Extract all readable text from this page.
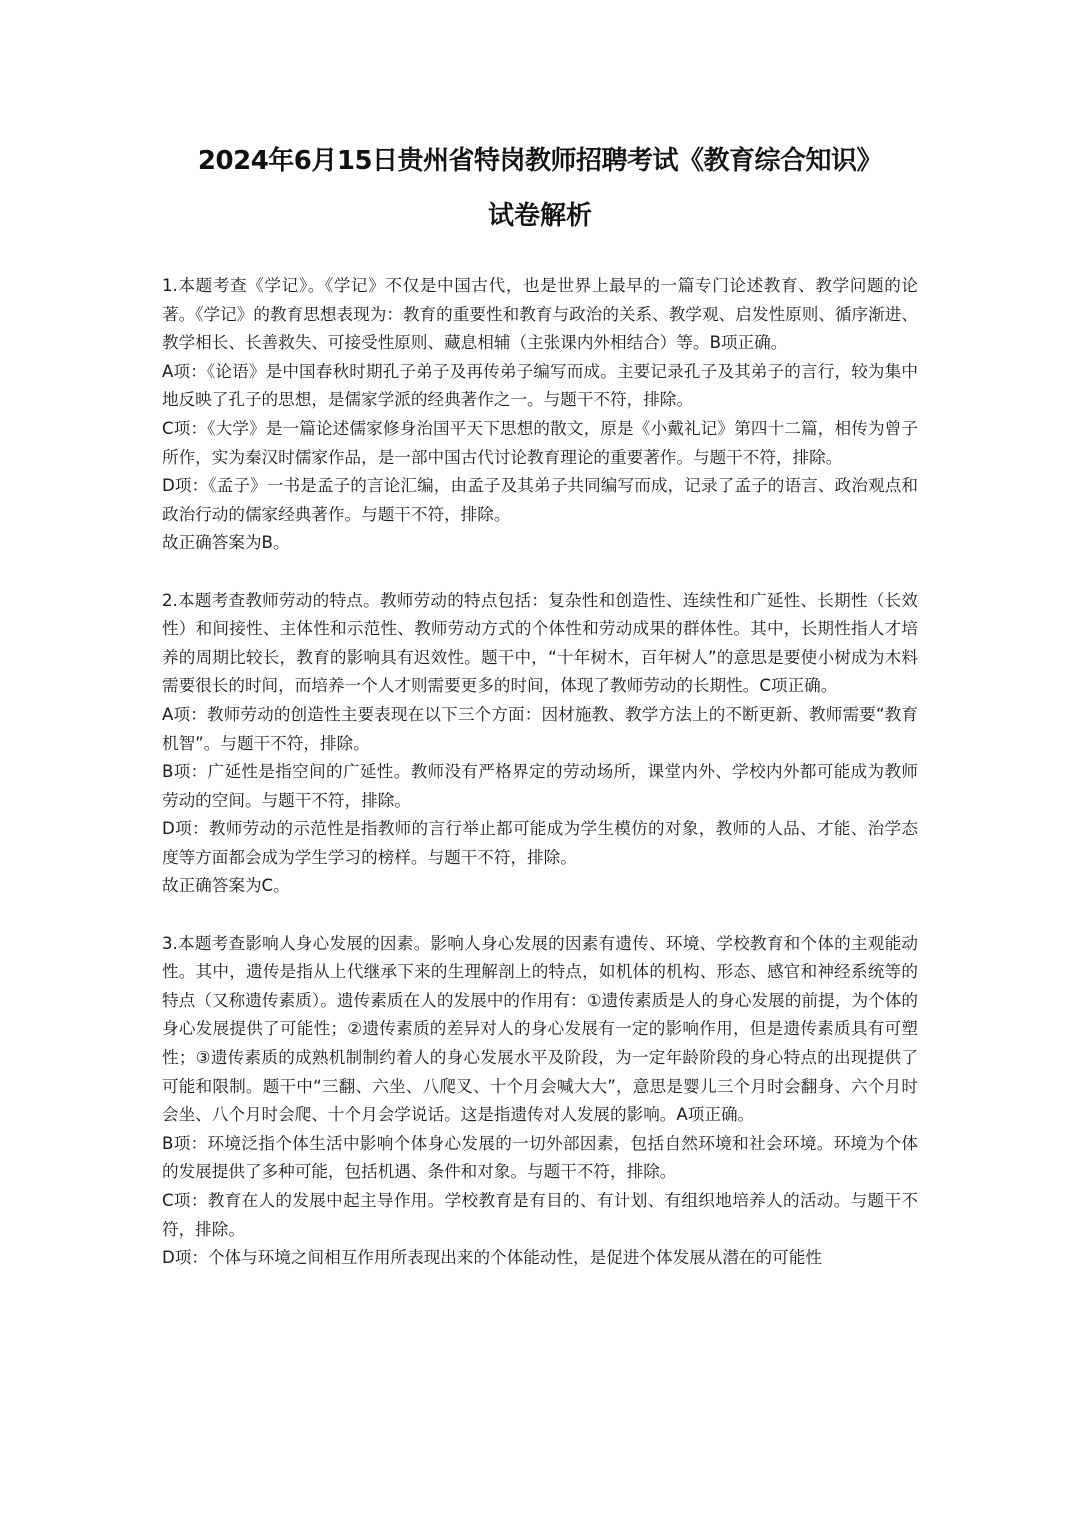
2024年6月15日贵州省特岗教师招聘考试《教育综合知识》
试卷解析

1.本题考查《学记》。《学记》不仅是中国古代，也是世界上最早的一篇专门论述教育、教学问题的论著。《学记》的教育思想表现为：教育的重要性和教育与政治的关系、教学观、启发性原则、循序渐进、教学相长、长善救失、可接受性原则、藏息相辅（主张课内外相结合）等。B项正确。

A项：《论语》是中国春秋时期孔子弟子及再传弟子编写而成。主要记录孔子及其弟子的言行，较为集中地反映了孔子的思想，是儒家学派的经典著作之一。与题干不符，排除。

C项：《大学》是一篇论述儒家修身治国平天下思想的散文，原是《小戴礼记》第四十二篇，相传为曾子所作，实为秦汉时儒家作品，是一部中国古代讨论教育理论的重要著作。与题干不符，排除。

D项：《孟子》一书是孟子的言论汇编，由孟子及其弟子共同编写而成，记录了孟子的语言、政治观点和政治行动的儒家经典著作。与题干不符，排除。

故正确答案为B。

2.本题考查教师劳动的特点。教师劳动的特点包括：复杂性和创造性、连续性和广延性、长期性（长效性）和间接性、主体性和示范性、教师劳动方式的个体性和劳动成果的群体性。其中，长期性指人才培养的周期比较长，教育的影响具有迟效性。题干中，“十年树木，百年树人”的意思是要使小树成为木料需要很长的时间，而培养一个人才则需要更多的时间，体现了教师劳动的长期性。C项正确。

A项：教师劳动的创造性主要表现在以下三个方面：因材施教、教学方法上的不断更新、教师需要“教育机智”。与题干不符，排除。

B项：广延性是指空间的广延性。教师没有严格界定的劳动场所，课堂内外、学校内外都可能成为教师劳动的空间。与题干不符，排除。

D项：教师劳动的示范性是指教师的言行举止都可能成为学生模仿的对象，教师的人品、才能、治学态度等方面都会成为学生学习的榜样。与题干不符，排除。

故正确答案为C。

3.本题考查影响人身心发展的因素。影响人身心发展的因素有遗传、环境、学校教育和个体的主观能动性。其中，遗传是指从上代继承下来的生理解剖上的特点，如机体的机构、形态、感官和神经系统等的特点（又称遗传素质）。遗传素质在人的发展中的作用有：①遗传素质是人的身心发展的前提，为个体的身心发展提供了可能性；②遗传素质的差异对人的身心发展有一定的影响作用，但是遗传素质具有可塑性；③遗传素质的成熟机制制约着人的身心发展水平及阶段，为一定年龄阶段的身心特点的出现提供了可能和限制。题干中“三翻、六坐、八爬叉、十个月会喊大大”，意思是婴儿三个月时会翻身、六个月时会坐、八个月时会爬、十个月会学说话。这是指遗传对人发展的影响。A项正确。

B项：环境泛指个体生活中影响个体身心发展的一切外部因素，包括自然环境和社会环境。环境为个体的发展提供了多种可能，包括机遇、条件和对象。与题干不符，排除。

C项：教育在人的发展中起主导作用。学校教育是有目的、有计划、有组织地培养人的活动。与题干不符，排除。

D项：个体与环境之间相互作用所表现出来的个体能动性，是促进个体发展从潜在的可能性
